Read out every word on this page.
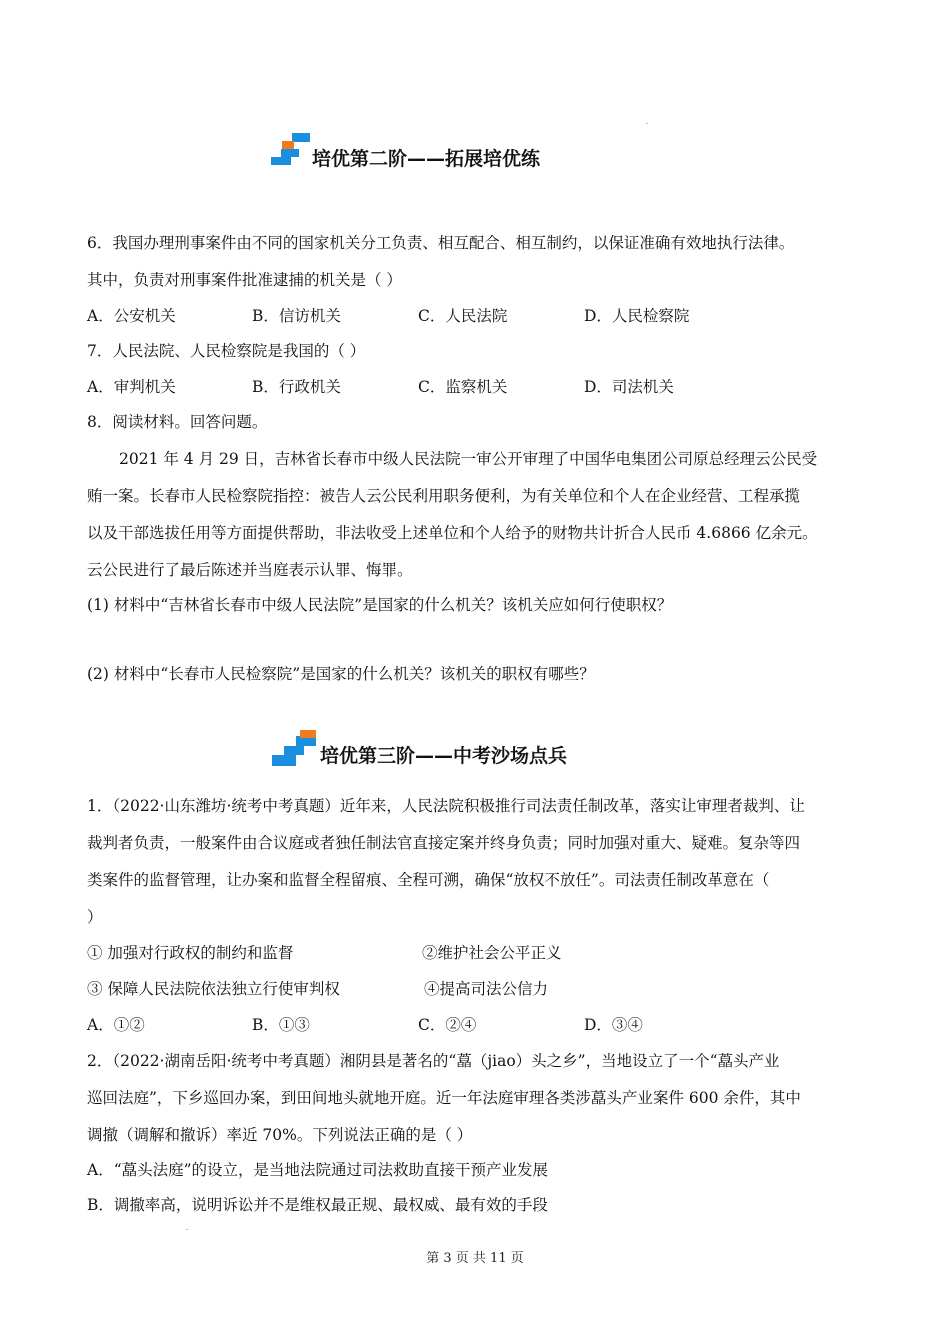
培优第二阶——拓展培优练
6．我国办理刑事案件由不同的国家机关分工负责、相互配合、相互制约，以保证准确有效地执行法律。
其中，负责对刑事案件批准逮捕的机关是（ ）
A．公安机关	B．信访机关	C．人民法院	D．人民检察院
7．人民法院、人民检察院是我国的（ ）
A．审判机关	B．行政机关	C．监察机关	D．司法机关
8．阅读材料。回答问题。
2021 年 4 月 29 日，吉林省长春市中级人民法院一审公开审理了中国华电集团公司原总经理云公民受
贿一案。长春市人民检察院指控：被告人云公民利用职务便利，为有关单位和个人在企业经营、工程承揽
以及干部选拔任用等方面提供帮助，非法收受上述单位和个人给予的财物共计折合人民币 4.6866 亿余元。
云公民进行了最后陈述并当庭表示认罪、悔罪。
(1) 材料中“吉林省长春市中级人民法院”是国家的什么机关？该机关应如何行使职权？
(2) 材料中“长春市人民检察院”是国家的什么机关？该机关的职权有哪些？
培优第三阶——中考沙场点兵
1．（2022·山东潍坊·统考中考真题）近年来，人民法院积极推行司法责任制改革，落实让审理者裁判、让
裁判者负责，一般案件由合议庭或者独任制法官直接定案并终身负责；同时加强对重大、疑难。复杂等四
类案件的监督管理，让办案和监督全程留痕、全程可溯，确保“放权不放任”。司法责任制改革意在（
）
① 加强对行政权的制约和监督	②维护社会公平正义
③ 保障人民法院依法独立行使审判权	④提高司法公信力
A．①②	B．①③	C．②④	D．③④
2．（2022·湖南岳阳·统考中考真题）湘阴县是著名的“藠（jiao）头之乡”，当地设立了一个“藠头产业
巡回法庭”，下乡巡回办案，到田间地头就地开庭。近一年法庭审理各类涉藠头产业案件 600 余件，其中
调撤（调解和撤诉）率近 70%。下列说法正确的是（ ）
A．“藠头法庭”的设立，是当地法院通过司法救助直接干预产业发展
B．调撤率高，说明诉讼并不是维权最正规、最权威、最有效的手段
第 3 页 共 11 页
